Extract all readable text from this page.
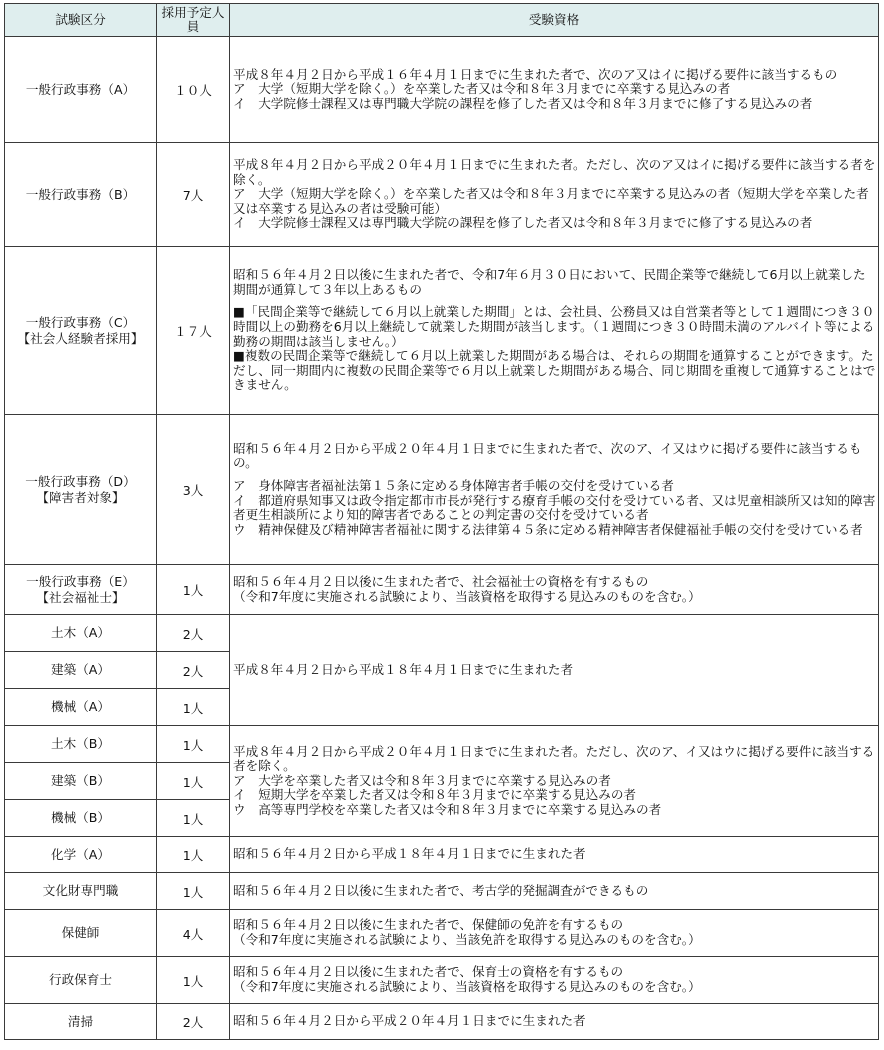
試験区分	採用予定人員	受験資格

一般行政事務（A）	１０人	平成８年４月２日から平成１６年４月１日までに生まれた者で、次のア又はイに掲げる要件に該当するもの
ア　大学（短期大学を除く。）を卒業した者又は令和８年３月までに卒業する見込みの者
イ　大学院修士課程又は専門職大学院の課程を修了した者又は令和８年３月までに修了する見込みの者

一般行政事務（B）	7人	平成８年４月２日から平成２０年４月１日までに生まれた者。ただし、次のア又はイに掲げる要件に該当する者を除く。
ア　大学（短期大学を除く。）を卒業した者又は令和８年３月までに卒業する見込みの者（短期大学を卒業した者又は卒業する見込みの者は受験可能）
イ　大学院修士課程又は専門職大学院の課程を修了した者又は令和８年３月までに修了する見込みの者

一般行政事務（C）
【社会人経験者採用】	１７人	昭和５６年４月２日以後に生まれた者で、令和7年６月３０日において、民間企業等で継続して6月以上就業した期間が通算して３年以上あるもの
■「民間企業等で継続して６月以上就業した期間」とは、会社員、公務員又は自営業者等として１週間につき３０時間以上の勤務を6月以上継続して就業した期間が該当します。（１週間につき３０時間未満のアルバイト等による勤務の期間は該当しません。）
■複数の民間企業等で継続して６月以上就業した期間がある場合は、それらの期間を通算することができます。ただし、同一期間内に複数の民間企業等で６月以上就業した期間がある場合、同じ期間を重複して通算することはできません。

一般行政事務（D）
【障害者対象】	3人	昭和５６年４月２日から平成２０年４月１日までに生まれた者で、次のア、イ又はウに掲げる要件に該当するもの。
ア　身体障害者福祉法第１５条に定める身体障害者手帳の交付を受けている者
イ　都道府県知事又は政令指定都市市長が発行する療育手帳の交付を受けている者、又は児童相談所又は知的障害者更生相談所により知的障害者であることの判定書の交付を受けている者
ウ　精神保健及び精神障害者福祉に関する法律第４５条に定める精神障害者保健福祉手帳の交付を受けている者

一般行政事務（E）
【社会福祉士】	1人	昭和５６年４月２日以後に生まれた者で、社会福祉士の資格を有するもの
（令和7年度に実施される試験により、当該資格を取得する見込みのものを含む。）

土木（A）	2人	平成８年４月２日から平成１８年４月１日までに生まれた者

建築（A）	2人	

機械（A）	1人	

土木（B）	1人	平成８年４月２日から平成２０年４月１日までに生まれた者。ただし、次のア、イ又はウに掲げる要件に該当する者を除く。
ア　大学を卒業した者又は令和８年３月までに卒業する見込みの者
イ　短期大学を卒業した者又は令和８年３月までに卒業する見込みの者
ウ　高等専門学校を卒業した者又は令和８年３月までに卒業する見込みの者

建築（B）	1人	

機械（B）	1人	

化学（A）	1人	昭和５６年４月２日から平成１８年４月１日までに生まれた者

文化財専門職	1人	昭和５６年４月２日以後に生まれた者で、考古学的発掘調査ができるもの

保健師	4人	昭和５６年４月２日以後に生まれた者で、保健師の免許を有するもの
（令和7年度に実施される試験により、当該免許を取得する見込みのものを含む。）

行政保育士	1人	昭和５６年４月２日以後に生まれた者で、保育士の資格を有するもの
（令和7年度に実施される試験により、当該資格を取得する見込みのものを含む。）

清掃	2人	昭和５６年４月２日から平成２０年４月１日までに生まれた者
